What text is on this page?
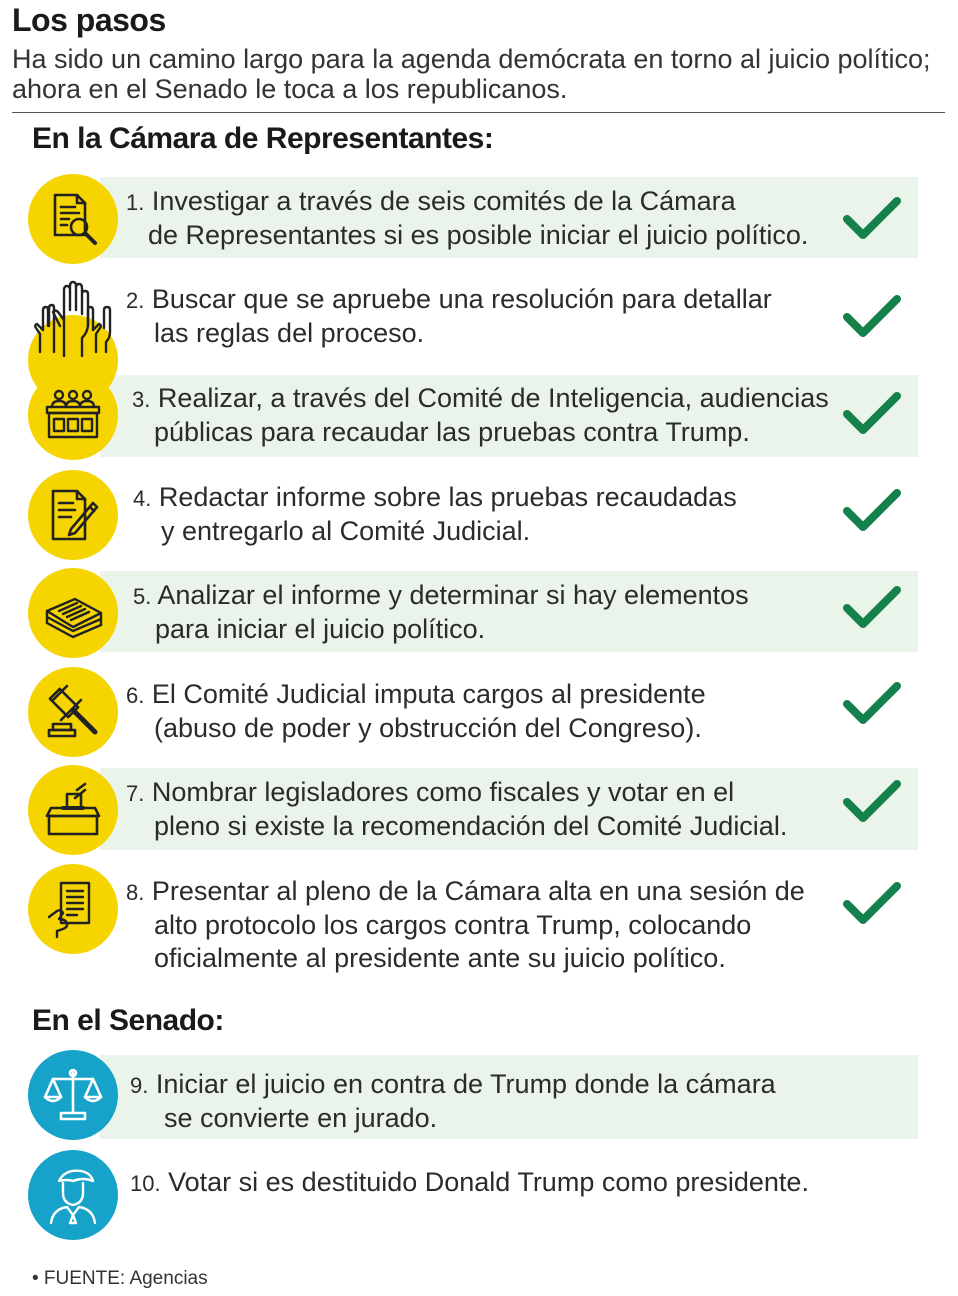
Los pasos
Ha sido un camino largo para la agenda demócrata en torno al juicio político; ahora en el Senado le toca a los republicanos.
En la Cámara de Representantes:
1. Investigar a través de seis comités de la Cámara
de Representantes si es posible iniciar el juicio político.
2. Buscar que se apruebe una resolución para detallar
las reglas del proceso.
3. Realizar, a través del Comité de Inteligencia, audiencias
públicas para recaudar las pruebas contra Trump.
4. Redactar informe sobre las pruebas recaudadas
y entregarlo al Comité Judicial.
5. Analizar el informe y determinar si hay elementos
para iniciar el juicio político.
6. El Comité Judicial imputa cargos al presidente
(abuso de poder y obstrucción del Congreso).
7. Nombrar legisladores como fiscales y votar en el
pleno si existe la recomendación del Comité Judicial.
8. Presentar al pleno de la Cámara alta en una sesión de
alto protocolo los cargos contra Trump, colocando
oficialmente al presidente ante su juicio político.
En el Senado:
9. Iniciar el juicio en contra de Trump donde la cámara
se convierte en jurado.
10. Votar si es destituido Donald Trump como presidente.
• FUENTE: Agencias
